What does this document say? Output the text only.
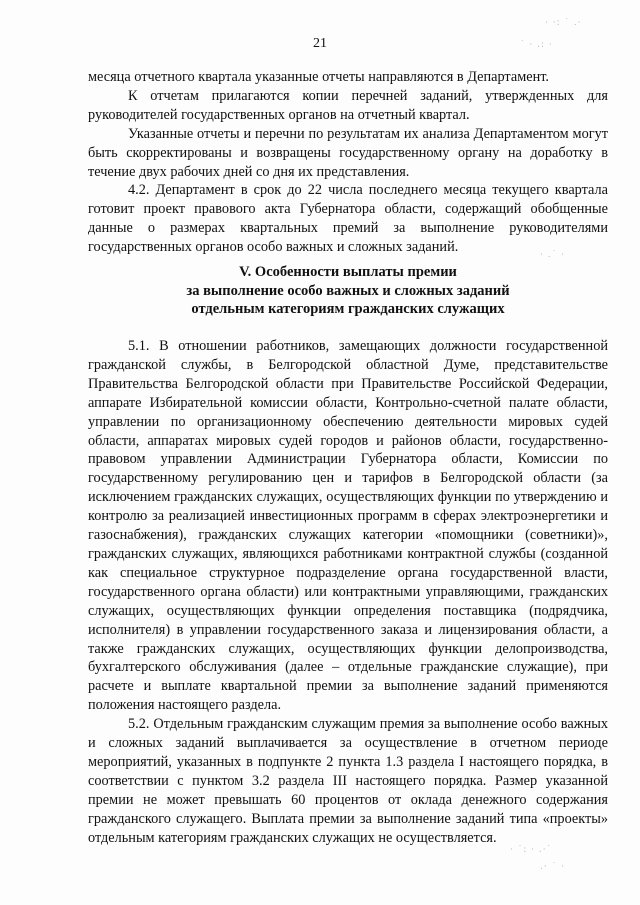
21

месяца отчетного квартала указанные отчеты направляются в Департамент.

К отчетам прилагаются копии перечней заданий, утвержденных для руководителей государственных органов на отчетный квартал.

Указанные отчеты и перечни по результатам их анализа Департаментом могут быть скорректированы и возвращены государственному органу на доработку в течение двух рабочих дней со дня их представления.

4.2. Департамент в срок до 22 числа последнего месяца текущего квартала готовит проект правового акта Губернатора области, содержащий обобщенные данные о размерах квартальных премий за выполнение руководителями государственных органов особо важных и сложных заданий.

V. Особенности выплаты премии
за выполнение особо важных и сложных заданий
отдельным категориям гражданских служащих

5.1. В отношении работников, замещающих должности государственной гражданской службы, в Белгородской областной Думе, представительстве Правительства Белгородской области при Правительстве Российской Федерации, аппарате Избирательной комиссии области, Контрольно-счетной палате области, управлении по организационному обеспечению деятельности мировых судей области, аппаратах мировых судей городов и районов области, государственно-правовом управлении Администрации Губернатора области, Комиссии по государственному регулированию цен и тарифов в Белгородской области (за исключением гражданских служащих, осуществляющих функции по утверждению и контролю за реализацией инвестиционных программ в сферах электроэнергетики и газоснабжения), гражданских служащих категории «помощники (советники)», гражданских служащих, являющихся работниками контрактной службы (созданной как специальное структурное подразделение органа государственной власти, государственного органа области) или контрактными управляющими, гражданских служащих, осуществляющих функции определения поставщика (подрядчика, исполнителя) в управлении государственного заказа и лицензирования области, а также гражданских служащих, осуществляющих функции делопроизводства, бухгалтерского обслуживания (далее – отдельные гражданские служащие), при расчете и выплате квартальной премии за выполнение заданий применяются положения настоящего раздела.

5.2. Отдельным гражданским служащим премия за выполнение особо важных и сложных заданий выплачивается за осуществление в отчетном периоде мероприятий, указанных в подпункте 2 пункта 1.3 раздела I настоящего порядка, в соответствии с пунктом 3.2 раздела III настоящего порядка. Размер указанной премии не может превышать 60 процентов от оклада денежного содержания гражданского служащего. Выплата премии за выполнение заданий типа «проекты» отдельным категориям гражданских служащих не осуществляется.

· ·: ˙ .·
˙ · .: ·
· .˙ ·
· ˙: · .·˙
.· ˙ ·
